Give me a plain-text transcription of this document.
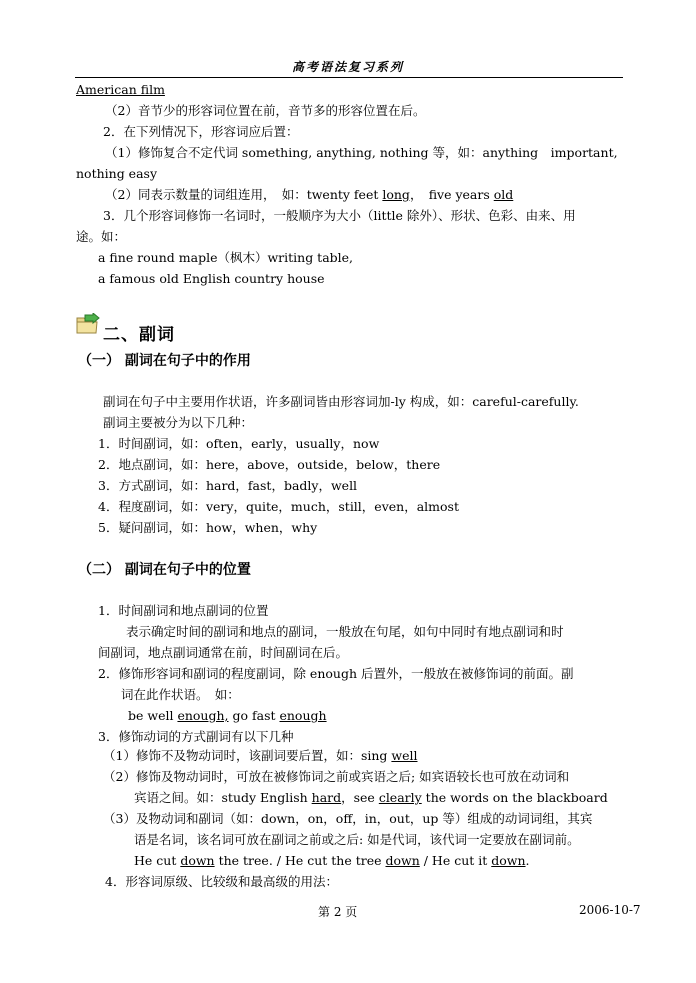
高考语法复习系列
American film
（2）音节少的形容词位置在前，音节多的形容位置在后。
2．在下列情况下，形容词应后置：
（1）修饰复合不定代词 something, anything, nothing 等，如：anything　important,
nothing easy
（2）同表示数量的词组连用，　如：twenty feet long，　five years old
3．几个形容词修饰一名词时，一般顺序为大小（little 除外）、形状、色彩、由来、用
途。如：
a fine round maple（枫木）writing table,
a famous old English country house
二、副词
（一） 副词在句子中的作用
副词在句子中主要用作状语，许多副词皆由形容词加-ly 构成，如：careful-carefully.
副词主要被分为以下几种：
1．时间副词，如：often，early，usually，now
2．地点副词，如：here，above，outside，below，there
3．方式副词，如：hard，fast，badly，well
4．程度副词，如：very，quite，much，still，even，almost
5．疑问副词，如：how，when，why
（二） 副词在句子中的位置
1．时间副词和地点副词的位置
表示确定时间的副词和地点的副词，一般放在句尾，如句中同时有地点副词和时
间副词，地点副词通常在前，时间副词在后。
2．修饰形容词和副词的程度副词，除 enough 后置外，一般放在被修饰词的前面。副
词在此作状语。　如：
be well enough, go fast enough
3．修饰动词的方式副词有以下几种
（1）修饰不及物动词时，该副词要后置，如：sing well
（2）修饰及物动词时，可放在被修饰词之前或宾语之后; 如宾语较长也可放在动词和
宾语之间。如：study English hard，see clearly the words on the blackboard
（3）及物动词和副词（如：down，on，off，in，out，up 等）组成的动词词组，其宾
语是名词，该名词可放在副词之前或之后: 如是代词，该代词一定要放在副词前。
He cut down the tree. / He cut the tree down / He cut it down.
4．形容词原级、比较级和最高级的用法：
第 2 页	2006-10-7
